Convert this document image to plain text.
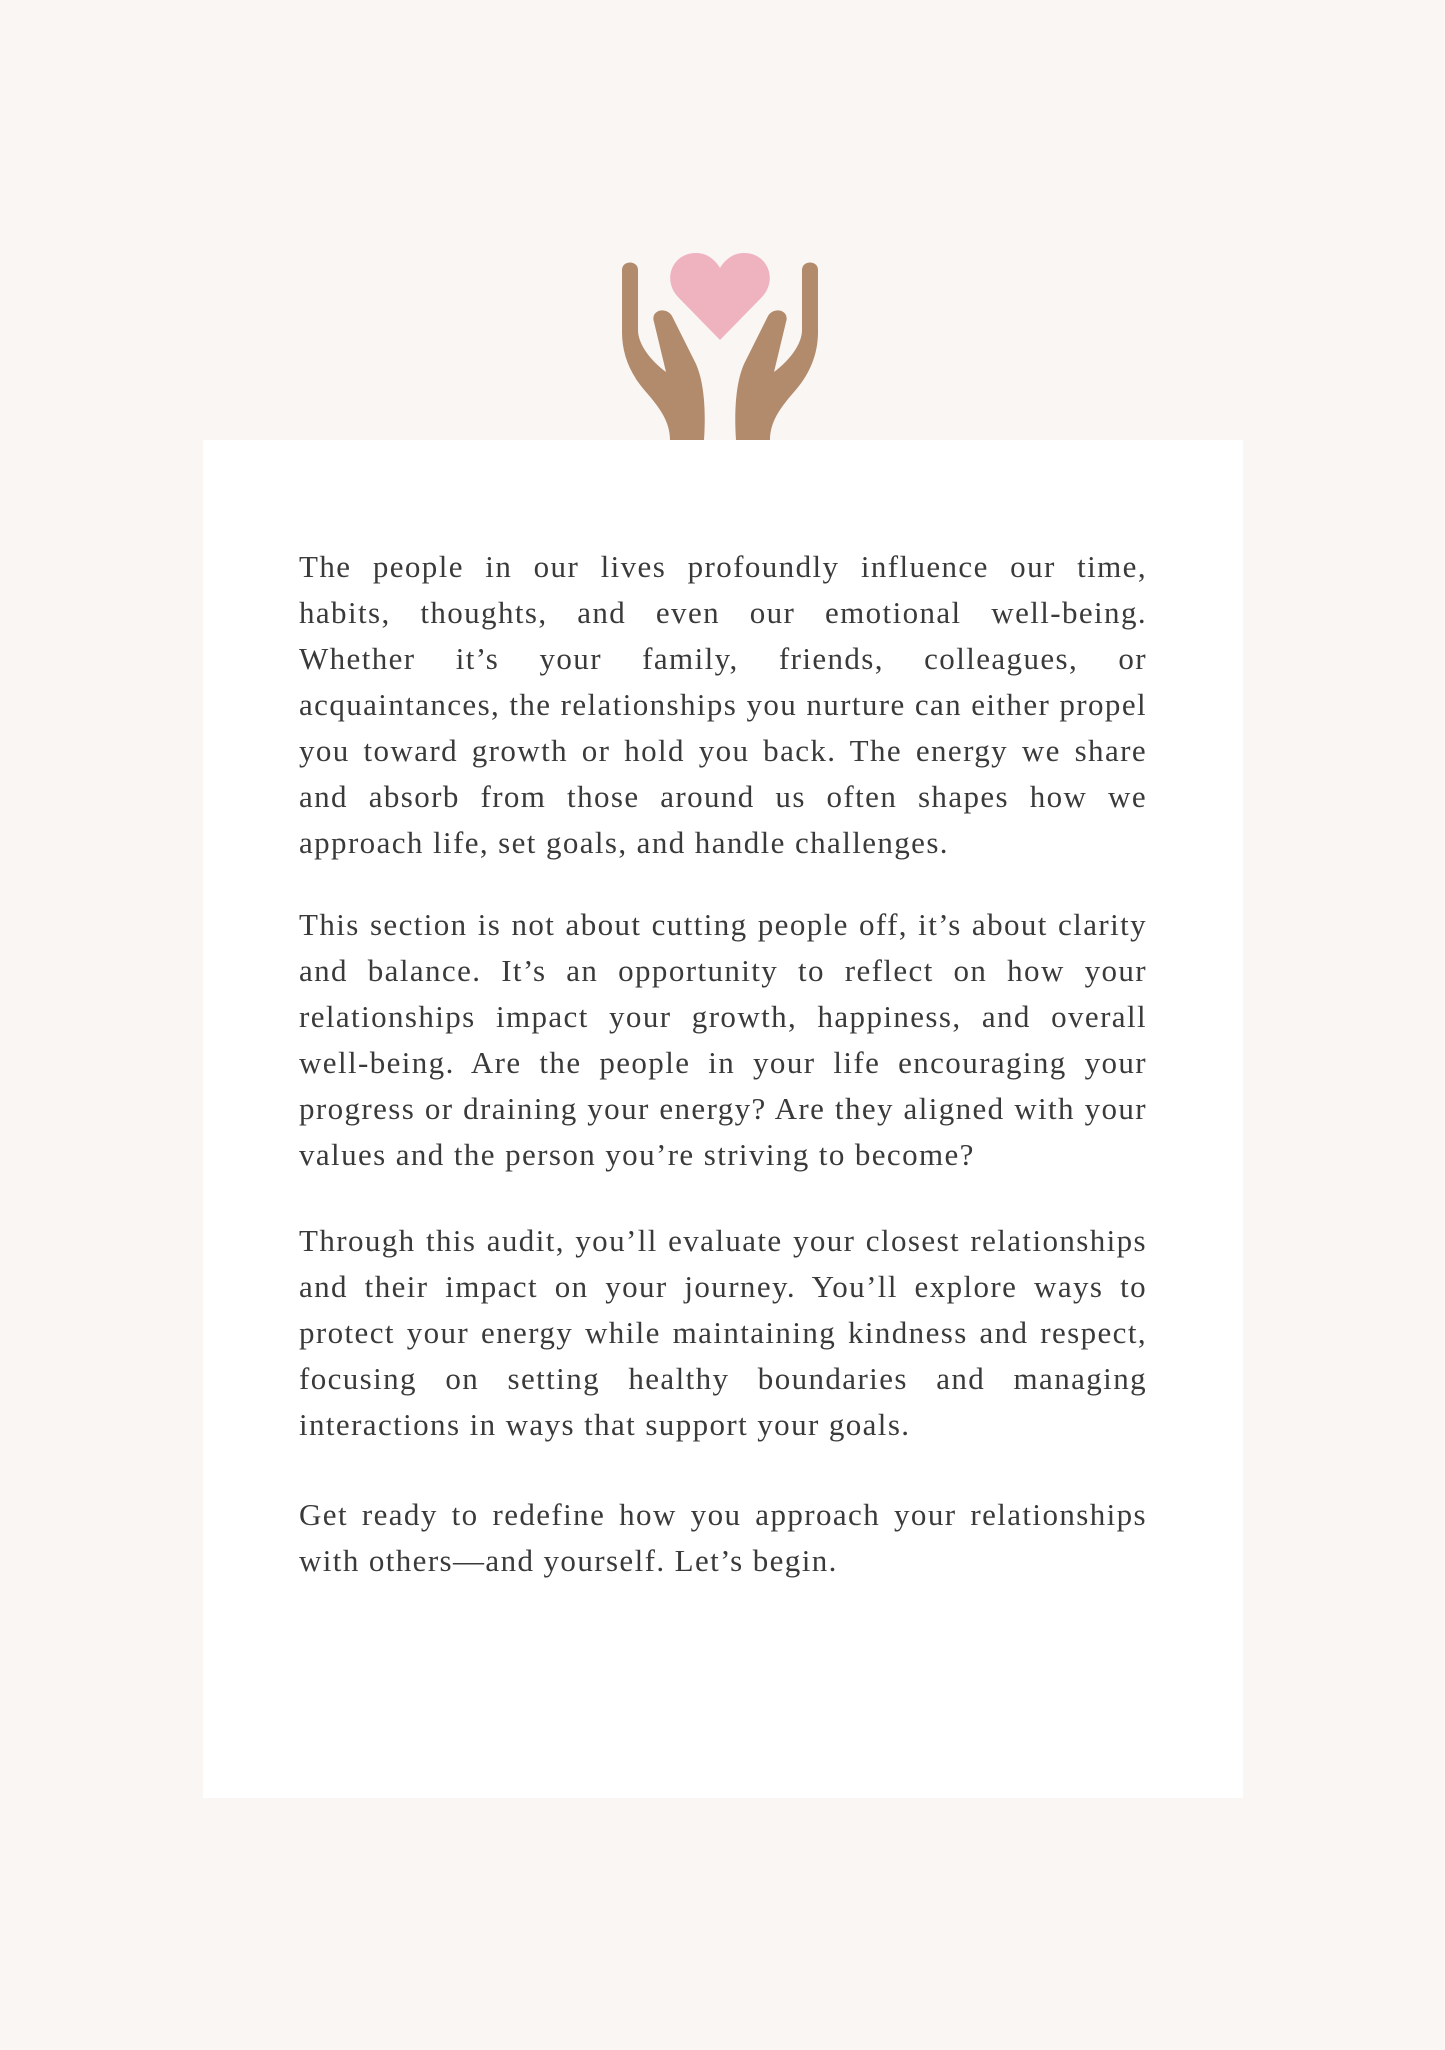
The people in our lives profoundly influence our time, habits, thoughts, and even our emotional well-being. Whether it’s your family, friends, colleagues, or acquaintances, the relationships you nurture can either propel you toward growth or hold you back. The energy we share and absorb from those around us often shapes how we approach life, set goals, and handle challenges.

This section is not about cutting people off, it’s about clarity and balance. It’s an opportunity to reflect on how your relationships impact your growth, happiness, and overall well-being. Are the people in your life encouraging your progress or draining your energy? Are they aligned with your values and the person you’re striving to become?

Through this audit, you’ll evaluate your closest relationships and their impact on your journey. You’ll explore ways to protect your energy while maintaining kindness and respect, focusing on setting healthy boundaries and managing interactions in ways that support your goals.

Get ready to redefine how you approach your relationships with others—and yourself. Let’s begin.
